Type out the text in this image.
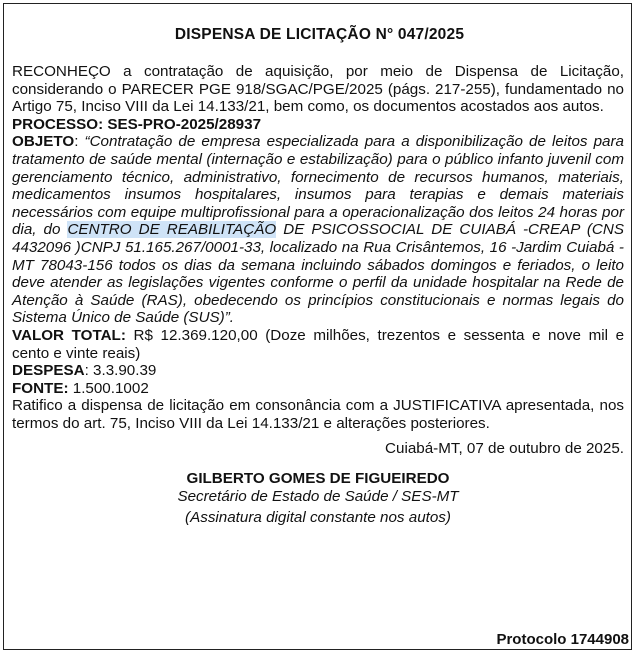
DISPENSA DE LICITAÇÃO N° 047/2025

RECONHEÇO a contratação de aquisição, por meio de Dispensa de Licitação, considerando o PARECER PGE 918/SGAC/PGE/2025 (págs. 217-255), fundamentado no Artigo 75, Inciso VIII da Lei 14.133/21, bem como, os documentos acostados aos autos.

PROCESSO: SES-PRO-2025/28937

OBJETO: “Contratação de empresa especializada para a disponibilização de leitos para tratamento de saúde mental (internação e estabilização) para o público infanto juvenil com gerenciamento técnico, administrativo, fornecimento de recursos humanos, materiais, medicamentos insumos hospitalares, insumos para terapias e demais materiais necessários com equipe multiprofissional para a operacionalização dos leitos 24 horas por dia, do CENTRO DE REABILITAÇÃO DE PSICOSSOCIAL DE CUIABÁ -CREAP (CNS 4432096 )CNPJ 51.165.267/0001-33, localizado na Rua Crisântemos, 16 -Jardim Cuiabá -MT 78043-156 todos os dias da semana incluindo sábados domingos e feriados, o leito deve atender as legislações vigentes conforme o perfil da unidade hospitalar na Rede de Atenção à Saúde (RAS), obedecendo os princípios constitucionais e normas legais do Sistema Único de Saúde (SUS)”.

VALOR TOTAL: R$ 12.369.120,00 (Doze milhões, trezentos e sessenta e nove mil e cento e vinte reais)

DESPESA: 3.3.90.39

FONTE: 1.500.1002

Ratifico a dispensa de licitação em consonância com a JUSTIFICATIVA apresentada, nos termos do art. 75, Inciso VIII da Lei 14.133/21 e alterações posteriores.

Cuiabá-MT, 07 de outubro de 2025.

GILBERTO GOMES DE FIGUEIREDO

Secretário de Estado de Saúde / SES-MT

(Assinatura digital constante nos autos)

Protocolo 1744908
